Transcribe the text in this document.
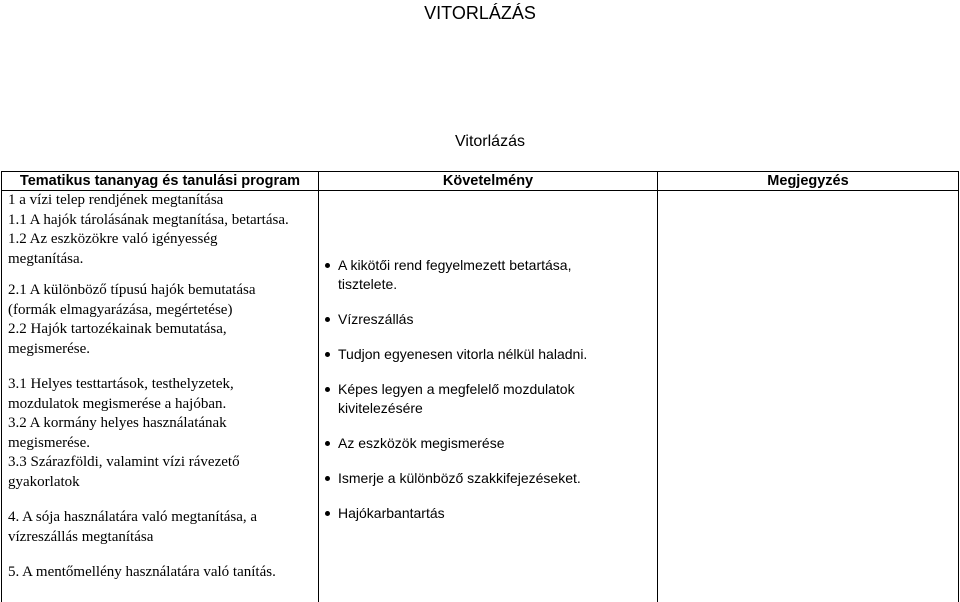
VITORLÁZÁS
Vitorlázás
Tematikus tananyag és tanulási program	Követelmény	Megjegyzés
1 a vízi telep rendjének megtanítása
1.1 A hajók tárolásának megtanítása, betartása.
1.2 Az eszközökre való igényesség
megtanítása.
2.1 A különböző típusú hajók bemutatása
(formák elmagyarázása, megértetése)
2.2 Hajók tartozékainak bemutatása,
megismerése.
3.1 Helyes testtartások, testhelyzetek,
mozdulatok megismerése a hajóban.
3.2 A kormány helyes használatának
megismerése.
3.3 Szárazföldi, valamint vízi rávezető
gyakorlatok
4. A sója használatára való megtanítása, a
vízreszállás megtanítása
5. A mentőmellény használatára való tanítás.
A kikötői rend fegyelmezett betartása, tisztelete.
Vízreszállás
Tudjon egyenesen vitorla nélkül haladni.
Képes legyen a megfelelő mozdulatok kivitelezésére
Az eszközök megismerése
Ismerje a különböző szakkifejezéseket.
Hajókarbantartás
